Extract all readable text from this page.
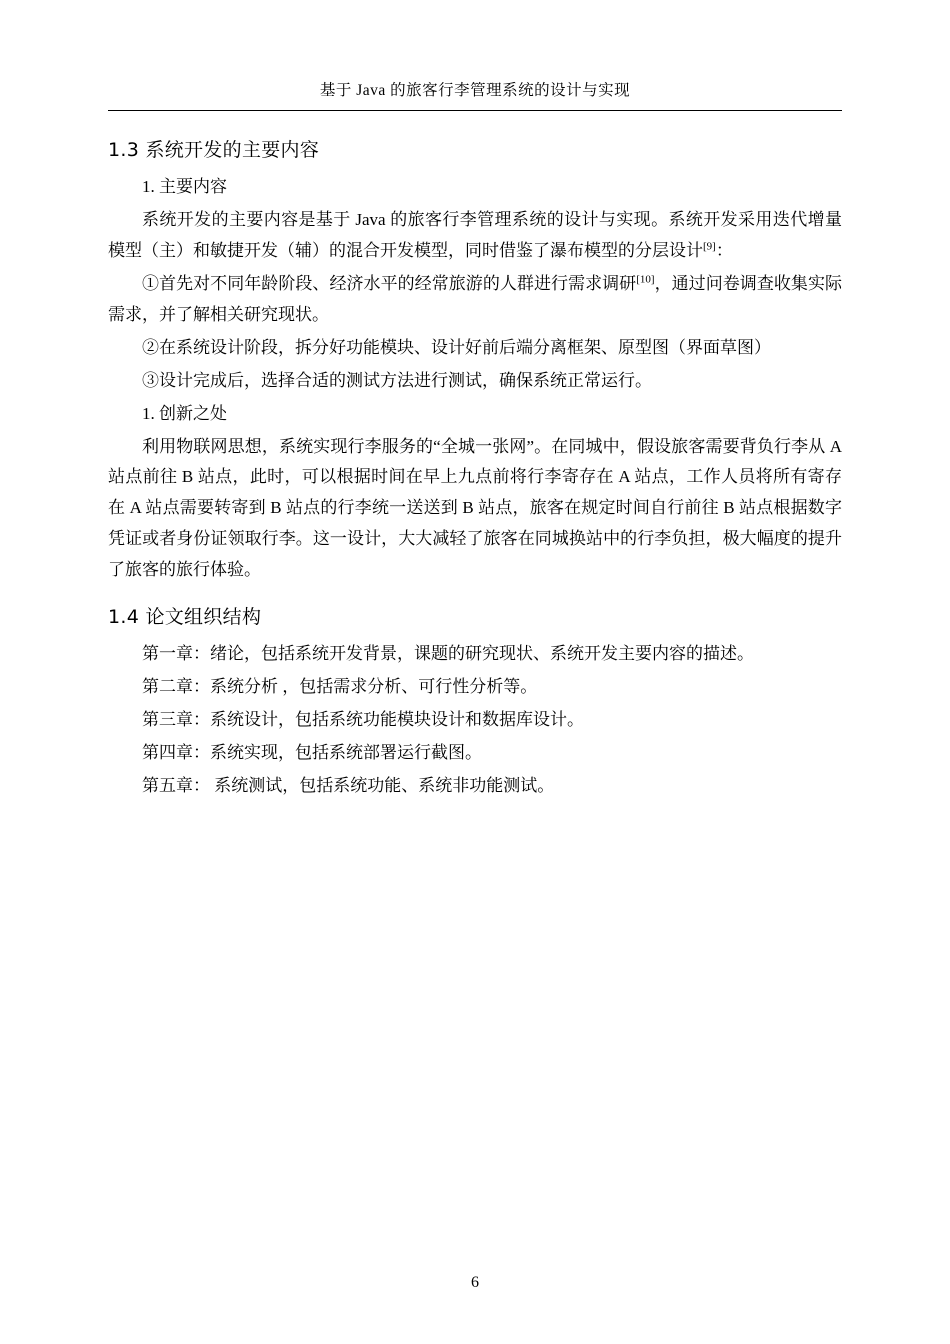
基于 Java 的旅客行李管理系统的设计与实现
1.3 系统开发的主要内容

1. 主要内容

系统开发的主要内容是基于 Java 的旅客行李管理系统的设计与实现。系统开发采用迭代增量模型（主）和敏捷开发（辅）的混合开发模型，同时借鉴了瀑布模型的分层设计[9]：

①首先对不同年龄阶段、经济水平的经常旅游的人群进行需求调研[10]，通过问卷调查收集实际需求，并了解相关研究现状。

②在系统设计阶段，拆分好功能模块、设计好前后端分离框架、原型图（界面草图）

③设计完成后，选择合适的测试方法进行测试，确保系统正常运行。

1. 创新之处

利用物联网思想，系统实现行李服务的“全城一张网”。在同城中，假设旅客需要背负行李从 A 站点前往 B 站点，此时，可以根据时间在早上九点前将行李寄存在 A 站点，工作人员将所有寄存在 A 站点需要转寄到 B 站点的行李统一送送到 B 站点，旅客在规定时间自行前往 B 站点根据数字凭证或者身份证领取行李。这一设计，大大减轻了旅客在同城换站中的行李负担，极大幅度的提升了旅客的旅行体验。

1.4 论文组织结构

第一章：绪论，包括系统开发背景，课题的研究现状、系统开发主要内容的描述。

第二章：系统分析 ，包括需求分析、可行性分析等。

第三章：系统设计，包括系统功能模块设计和数据库设计。

第四章：系统实现，包括系统部署运行截图。

第五章： 系统测试，包括系统功能、系统非功能测试。

6
